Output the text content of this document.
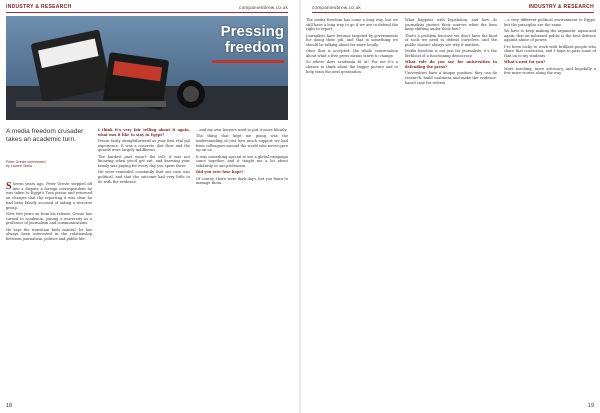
INDUSTRY & RESEARCH	companiesbrew.co.uk
Pressing
freedom
A media freedom crusader takes an academic turn.
Peter Greste interviewed
by Lauren Stella

S Seven years ago, Peter Greste stepped off into a dispute a foreign correspondent he was taken to Egypt's Tora prison and returned on charges that the reporting it was clear he had been falsely accused of aiding a terrorist group.

Now, five years on from his release, Greste has turned to academia, joining a university as a professor of journalism and communications.

He says the transition feels natural; he has always been interested in the relationship between journalism, politics and public life.

I think it's very fair telling about it again, what was it like to stay in Egypt?

Prison fairly straightforward as your first real jail experience. It was a concrete, dirt floor and the guards were largely indifferent.

The hardest part wasn't the cell; it was not knowing when you'd get out, and knowing your family was paying for every day you spent there.

We were reminded constantly that our case was political, and that the outcome had very little to do with the evidence.

...and my own lawyers used to put it more bluntly.

The thing that kept me going was the understanding of just how much support we had from colleagues around the world who never gave up on us.

It was something special to see a global campaign come together, and it taught me a lot about solidarity in our profession.

Did you ever lose hope?

Of course, there were dark days, but you learn to manage them.

18
companiesbrew.co.uk	INDUSTRY & RESEARCH

The media freedom has come a long way, but we still have a long way to go if we are to defend the right to report.

Journalists have become targeted by governments for doing their job, and that is something we should be talking about far more loudly.

Once that is accepted, the whole conversation about what a free press means starts to change.

So where does academia fit in? For me it's a chance to think about the bigger picture and to help train the next generation.

What happens with legislation, and how do journalists protect their sources when the laws keep shifting under their feet?

That's a problem because we don't have the kind of tools we need to defend ourselves, and the public doesn't always see why it matters.

Media freedom is not just for journalists; it's the lifeblood of a functioning democracy.

What role do you see for universities in defending the press?

Universities have a unique position: they can do research, build coalitions and make the evidence-based case for reform.

...a very different political environment to Egypt, but the principles are the same.

We have to keep making the argument, again and again, that an informed public is the best defence against abuse of power.

I've been lucky to work with brilliant people who share that conviction, and I hope to pass some of that on to my students.

What's next for you?

More teaching, more advocacy, and hopefully a few more stories along the way.

19
